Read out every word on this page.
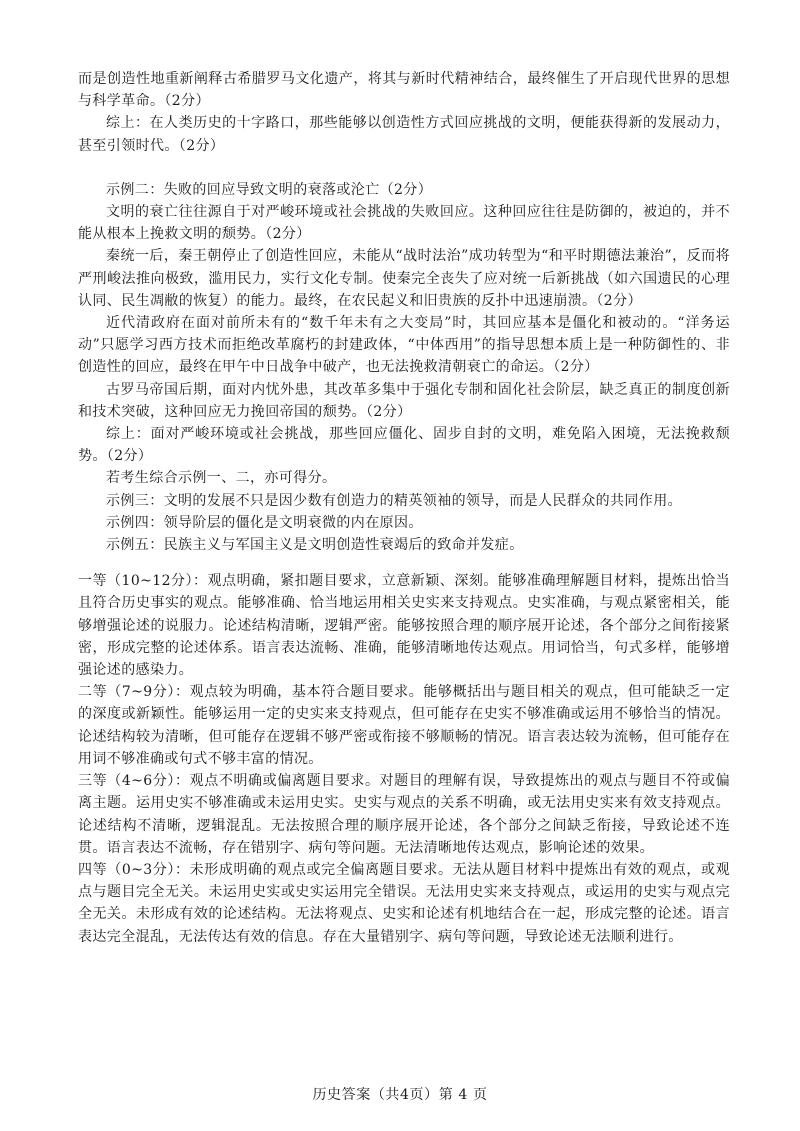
而是创造性地重新阐释古希腊罗马文化遗产，将其与新时代精神结合，最终催生了开启现代世界的思想与科学革命。（2分）

综上：在人类历史的十字路口，那些能够以创造性方式回应挑战的文明，便能获得新的发展动力，甚至引领时代。（2分）

示例二：失败的回应导致文明的衰落或沦亡（2分）

文明的衰亡往往源自于对严峻环境或社会挑战的失败回应。这种回应往往是防御的，被迫的，并不能从根本上挽救文明的颓势。（2分）

秦统一后，秦王朝停止了创造性回应，未能从“战时法治”成功转型为“和平时期德法兼治”，反而将严刑峻法推向极致，滥用民力，实行文化专制。使秦完全丧失了应对统一后新挑战（如六国遗民的心理认同、民生凋敝的恢复）的能力。最终，在农民起义和旧贵族的反扑中迅速崩溃。（2分）

近代清政府在面对前所未有的“数千年未有之大变局”时，其回应基本是僵化和被动的。“洋务运动”只愿学习西方技术而拒绝改革腐朽的封建政体，“中体西用”的指导思想本质上是一种防御性的、非创造性的回应，最终在甲午中日战争中破产，也无法挽救清朝衰亡的命运。（2分）

古罗马帝国后期，面对内忧外患，其改革多集中于强化专制和固化社会阶层，缺乏真正的制度创新和技术突破，这种回应无力挽回帝国的颓势。（2分）

综上：面对严峻环境或社会挑战，那些回应僵化、固步自封的文明，难免陷入困境，无法挽救颓势。（2分）

若考生综合示例一、二，亦可得分。

示例三：文明的发展不只是因少数有创造力的精英领袖的领导，而是人民群众的共同作用。

示例四：领导阶层的僵化是文明衰微的内在原因。

示例五：民族主义与军国主义是文明创造性衰竭后的致命并发症。

一等（10~12分）：观点明确，紧扣题目要求，立意新颖、深刻。能够准确理解题目材料，提炼出恰当且符合历史事实的观点。能够准确、恰当地运用相关史实来支持观点。史实准确，与观点紧密相关，能够增强论述的说服力。论述结构清晰，逻辑严密。能够按照合理的顺序展开论述，各个部分之间衔接紧密，形成完整的论述体系。语言表达流畅、准确，能够清晰地传达观点。用词恰当，句式多样，能够增强论述的感染力。

二等（7~9分）：观点较为明确，基本符合题目要求。能够概括出与题目相关的观点，但可能缺乏一定的深度或新颖性。能够运用一定的史实来支持观点，但可能存在史实不够准确或运用不够恰当的情况。论述结构较为清晰，但可能存在逻辑不够严密或衔接不够顺畅的情况。语言表达较为流畅，但可能存在用词不够准确或句式不够丰富的情况。

三等（4~6分）：观点不明确或偏离题目要求。对题目的理解有误，导致提炼出的观点与题目不符或偏离主题。运用史实不够准确或未运用史实。史实与观点的关系不明确，或无法用史实来有效支持观点。论述结构不清晰，逻辑混乱。无法按照合理的顺序展开论述，各个部分之间缺乏衔接，导致论述不连贯。语言表达不流畅，存在错别字、病句等问题。无法清晰地传达观点，影响论述的效果。

四等（0~3分）：未形成明确的观点或完全偏离题目要求。无法从题目材料中提炼出有效的观点，或观点与题目完全无关。未运用史实或史实运用完全错误。无法用史实来支持观点，或运用的史实与观点完全无关。未形成有效的论述结构。无法将观点、史实和论述有机地结合在一起，形成完整的论述。语言表达完全混乱，无法传达有效的信息。存在大量错别字、病句等问题，导致论述无法顺利进行。

历史答案（共4页）第 4 页
